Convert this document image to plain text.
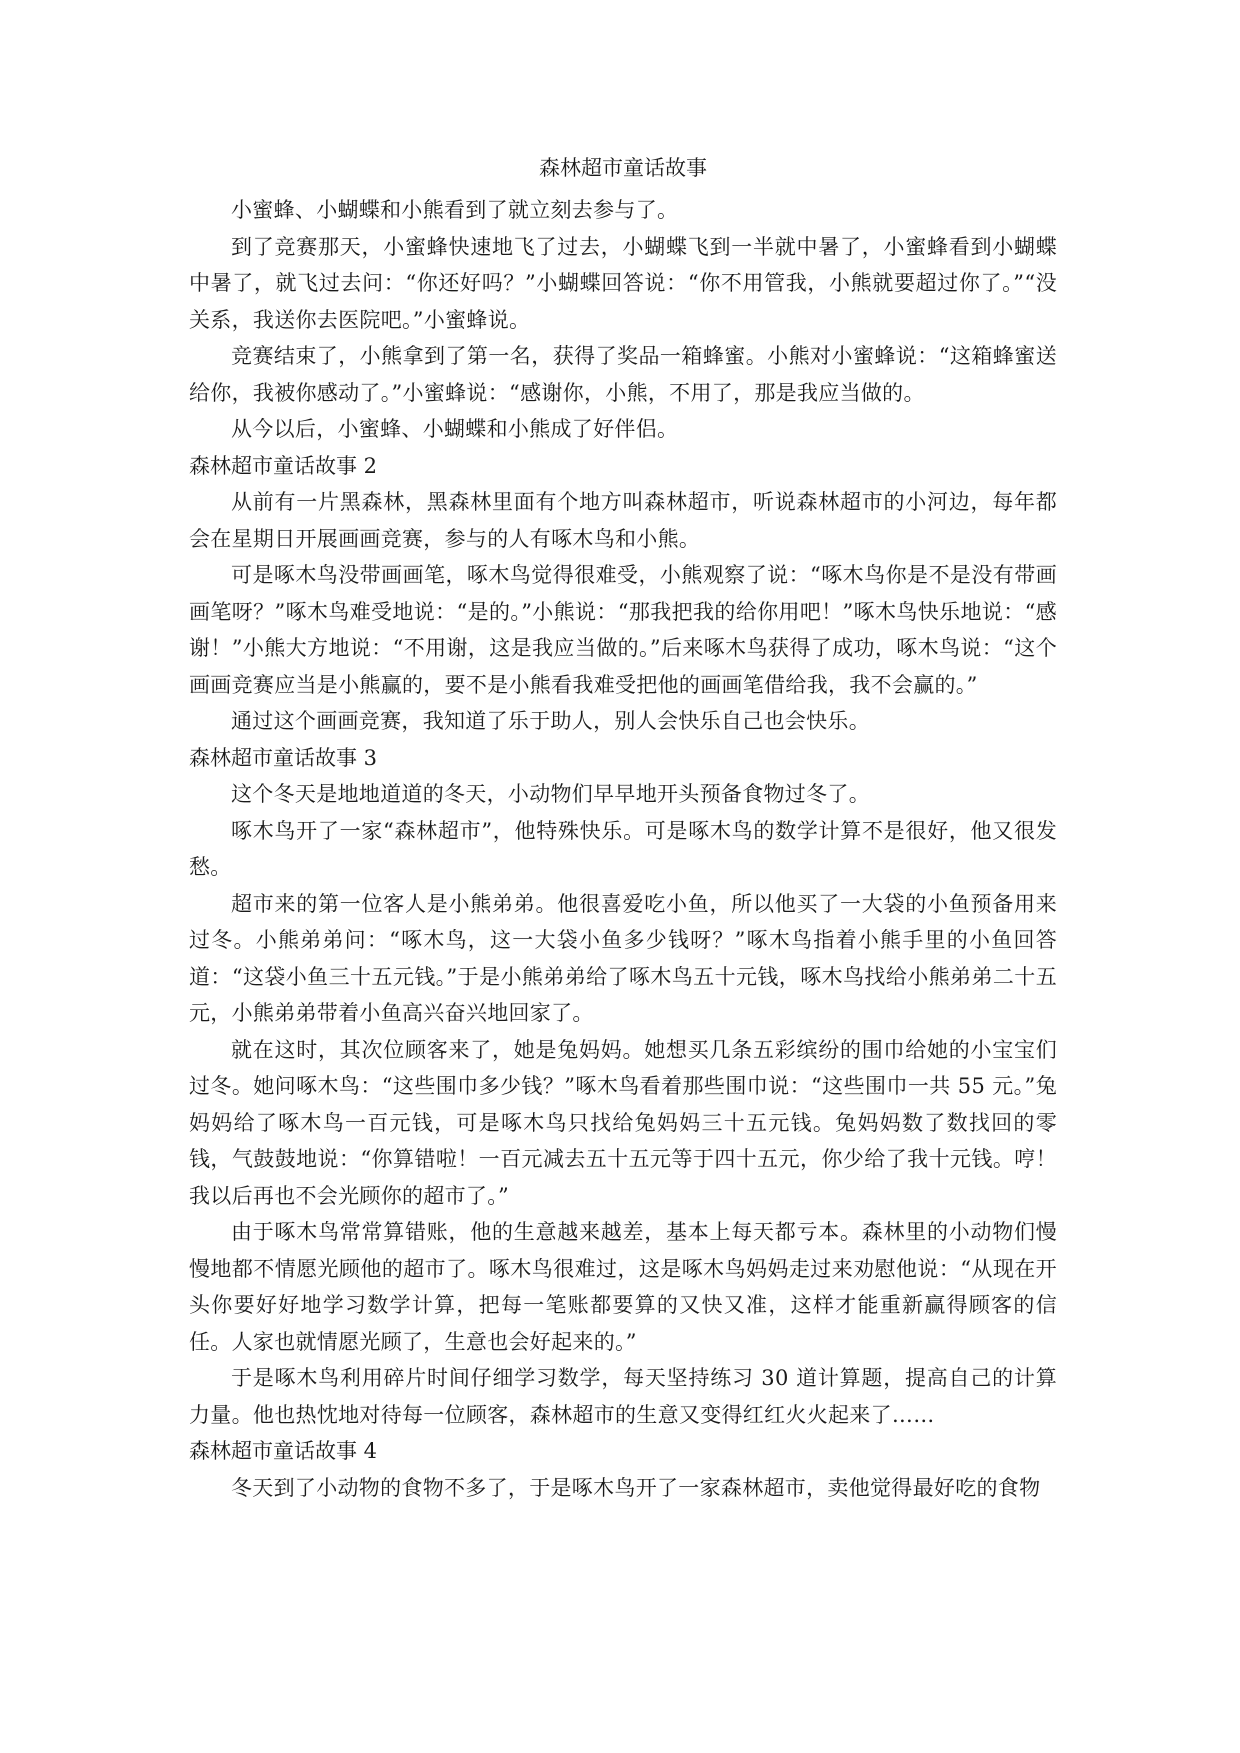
森林超市童话故事

小蜜蜂、小蝴蝶和小熊看到了就立刻去参与了。

到了竞赛那天，小蜜蜂快速地飞了过去，小蝴蝶飞到一半就中暑了，小蜜蜂看到小蝴蝶中暑了，就飞过去问：“你还好吗？”小蝴蝶回答说：“你不用管我，小熊就要超过你了。”“没关系，我送你去医院吧。”小蜜蜂说。

竞赛结束了，小熊拿到了第一名，获得了奖品一箱蜂蜜。小熊对小蜜蜂说：“这箱蜂蜜送给你，我被你感动了。”小蜜蜂说：“感谢你，小熊，不用了，那是我应当做的。

从今以后，小蜜蜂、小蝴蝶和小熊成了好伴侣。

森林超市童话故事 2

从前有一片黑森林，黑森林里面有个地方叫森林超市，听说森林超市的小河边，每年都会在星期日开展画画竞赛，参与的人有啄木鸟和小熊。

可是啄木鸟没带画画笔，啄木鸟觉得很难受，小熊观察了说：“啄木鸟你是不是没有带画画笔呀？”啄木鸟难受地说：“是的。”小熊说：“那我把我的给你用吧！”啄木鸟快乐地说：“感谢！”小熊大方地说：“不用谢，这是我应当做的。”后来啄木鸟获得了成功，啄木鸟说：“这个画画竞赛应当是小熊赢的，要不是小熊看我难受把他的画画笔借给我，我不会赢的。”

通过这个画画竞赛，我知道了乐于助人，别人会快乐自己也会快乐。

森林超市童话故事 3

这个冬天是地地道道的冬天，小动物们早早地开头预备食物过冬了。

啄木鸟开了一家“森林超市”，他特殊快乐。可是啄木鸟的数学计算不是很好，他又很发愁。

超市来的第一位客人是小熊弟弟。他很喜爱吃小鱼，所以他买了一大袋的小鱼预备用来过冬。小熊弟弟问：“啄木鸟，这一大袋小鱼多少钱呀？”啄木鸟指着小熊手里的小鱼回答道：“这袋小鱼三十五元钱。”于是小熊弟弟给了啄木鸟五十元钱，啄木鸟找给小熊弟弟二十五元，小熊弟弟带着小鱼高兴奋兴地回家了。

就在这时，其次位顾客来了，她是兔妈妈。她想买几条五彩缤纷的围巾给她的小宝宝们过冬。她问啄木鸟：“这些围巾多少钱？”啄木鸟看着那些围巾说：“这些围巾一共 55 元。”兔妈妈给了啄木鸟一百元钱，可是啄木鸟只找给兔妈妈三十五元钱。兔妈妈数了数找回的零钱，气鼓鼓地说：“你算错啦！一百元减去五十五元等于四十五元，你少给了我十元钱。哼！我以后再也不会光顾你的超市了。”

由于啄木鸟常常算错账，他的生意越来越差，基本上每天都亏本。森林里的小动物们慢慢地都不情愿光顾他的超市了。啄木鸟很难过，这是啄木鸟妈妈走过来劝慰他说：“从现在开头你要好好地学习数学计算，把每一笔账都要算的又快又准，这样才能重新赢得顾客的信任。人家也就情愿光顾了，生意也会好起来的。”

于是啄木鸟利用碎片时间仔细学习数学，每天坚持练习 30 道计算题，提高自己的计算力量。他也热忱地对待每一位顾客，森林超市的生意又变得红红火火起来了……

森林超市童话故事 4

冬天到了小动物的食物不多了，于是啄木鸟开了一家森林超市，卖他觉得最好吃的食物
